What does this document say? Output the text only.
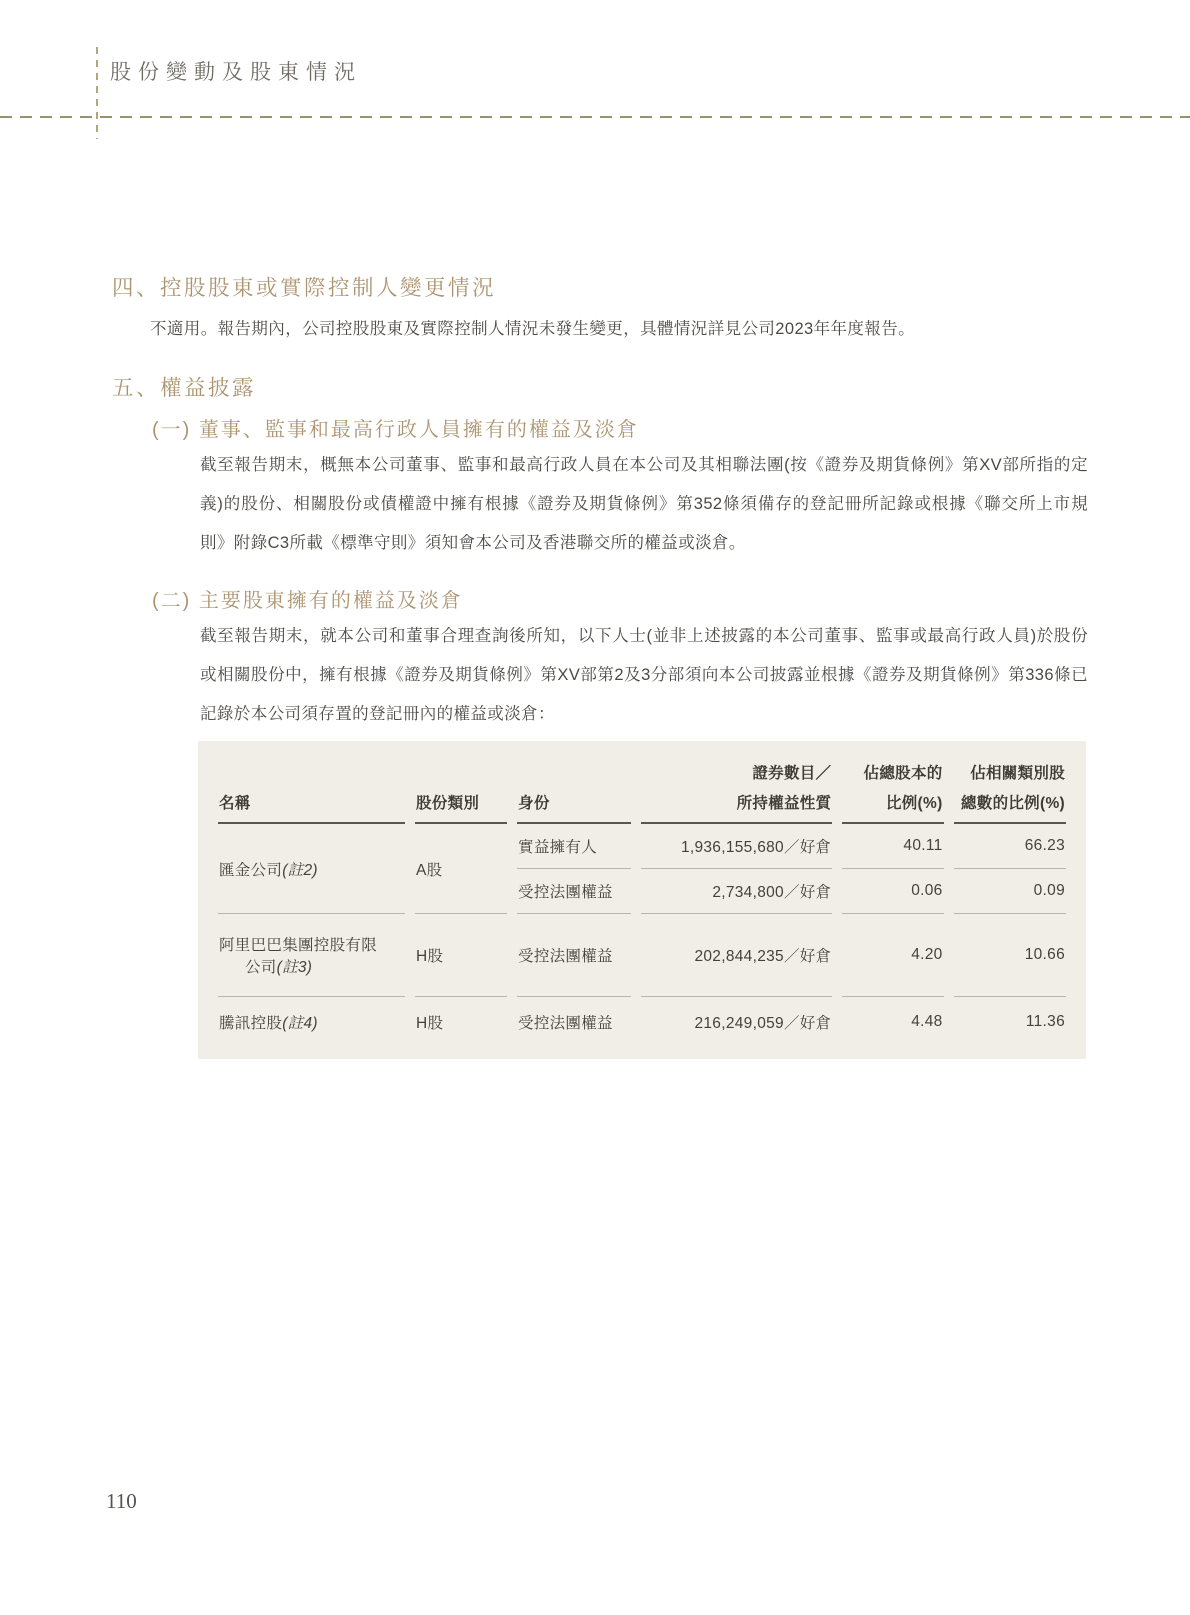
股份變動及股東情況
四、控股股東或實際控制人變更情況
不適用。報告期內，公司控股股東及實際控制人情況未發生變更，具體情況詳見公司2023年年度報告。
五、權益披露
(一) 董事、監事和最高行政人員擁有的權益及淡倉
截至報告期末，概無本公司董事、監事和最高行政人員在本公司及其相聯法團(按《證券及期貨條例》第XV部所指的定義)的股份、相關股份或債權證中擁有根據《證券及期貨條例》第352條須備存的登記冊所記錄或根據《聯交所上市規則》附錄C3所載《標準守則》須知會本公司及香港聯交所的權益或淡倉。
(二) 主要股東擁有的權益及淡倉
截至報告期末，就本公司和董事合理查詢後所知，以下人士(並非上述披露的本公司董事、監事或最高行政人員)於股份或相關股份中，擁有根據《證券及期貨條例》第XV部第2及3分部須向本公司披露並根據《證券及期貨條例》第336條已記錄於本公司須存置的登記冊內的權益或淡倉：
			證券數目／	佔總股本的	佔相關類別股
名稱	股份類別	身份	所持權益性質	比例(%)	總數的比例(%)
匯金公司(註2)	A股	實益擁有人	1,936,155,680／好倉	40.11	66.23
		受控法團權益	2,734,800／好倉	0.06	0.09

阿里巴巴集團控股有限
公司(註3)	H股	受控法團權益	202,844,235／好倉	4.20	10.66
騰訊控股(註4)	H股	受控法團權益	216,249,059／好倉	4.48	11.36
110
